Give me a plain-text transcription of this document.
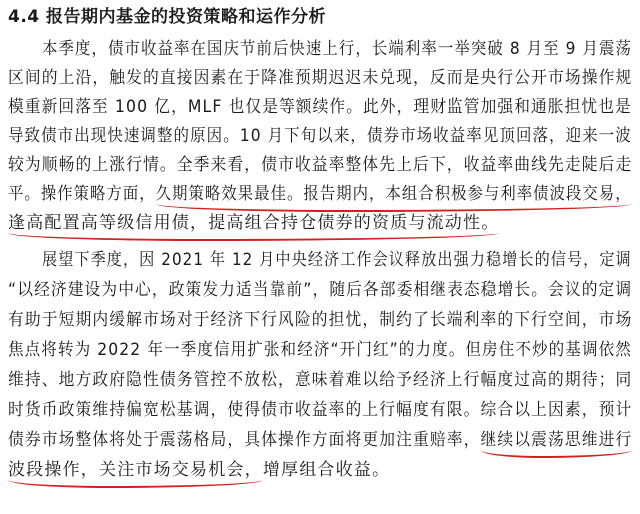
4.4 报告期内基金的投资策略和运作分析
本季度，债市收益率在国庆节前后快速上行，长端利率一举突破 8 月至 9 月震荡
区间的上沿，触发的直接因素在于降准预期迟迟未兑现，反而是央行公开市场操作规
模重新回落至 100 亿，MLF 也仅是等额续作。此外，理财监管加强和通胀担忧也是
导致债市出现快速调整的原因。10 月下旬以来，债券市场收益率见顶回落，迎来一波
较为顺畅的上涨行情。全季来看，债市收益率整体先上后下，收益率曲线先走陡后走
平。操作策略方面，久期策略效果最佳。报告期内，本组合积极参与利率债波段交易，
逢高配置高等级信用债，提高组合持仓债券的资质与流动性。
展望下季度，因 2021 年 12 月中央经济工作会议释放出强力稳增长的信号，定调
“以经济建设为中心，政策发力适当靠前”，随后各部委相继表态稳增长。会议的定调
有助于短期内缓解市场对于经济下行风险的担忧，制约了长端利率的下行空间，市场
焦点将转为 2022 年一季度信用扩张和经济“开门红”的力度。但房住不炒的基调依然
维持、地方政府隐性债务管控不放松，意味着难以给予经济上行幅度过高的期待；同
时货币政策维持偏宽松基调，使得债市收益率的上行幅度有限。综合以上因素，预计
债券市场整体将处于震荡格局，具体操作方面将更加注重赔率，继续以震荡思维进行
波段操作，关注市场交易机会，
增厚组合收益。
